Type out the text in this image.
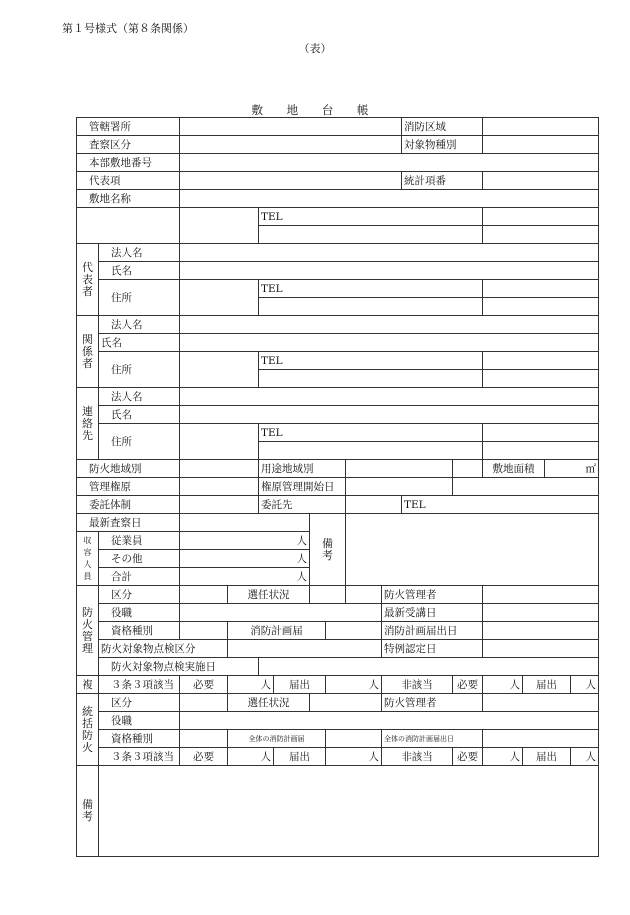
第１号様式（第８条関係）
（表）
敷 地 台 帳
管轄署所										消防区域					
査察区分										対象物種別					
本部敷地番号															
代表項										統計項番					
敷地名称															
				TEL											

代表者	法人名														
	氏名														
	住所			TEL											

関係者	法人名														
	氏名														
	住所			TEL											

連絡先	法人名														
	氏名														
	住所			TEL											

防火地域別				用途地域別								敷地面積		㎡	
管理権原				権原管理開始日											
委託体制				委託先						TEL					
最新査察日						備考									
収容人員	従業員	人													
	その他	人													
	合計	人													
防火管理	区分		選任状況						防火管理者						
	役職								最新受講日						
	資格種別		消防計画届						消防計画届出日						
	防火対象物点検区分								特例認定日						
	防火対象物点検実施日														
複	３条３項該当	必要	人		届出		人		非該当		必要	人	届出		人
統括防火	区分		選任状況						防火管理者						
	役職														
	資格種別		全体の消防計画届						全体の消防計画届出日						
	３条３項該当	必要	人		届出		人		非該当		必要	人	届出		人
備考															
